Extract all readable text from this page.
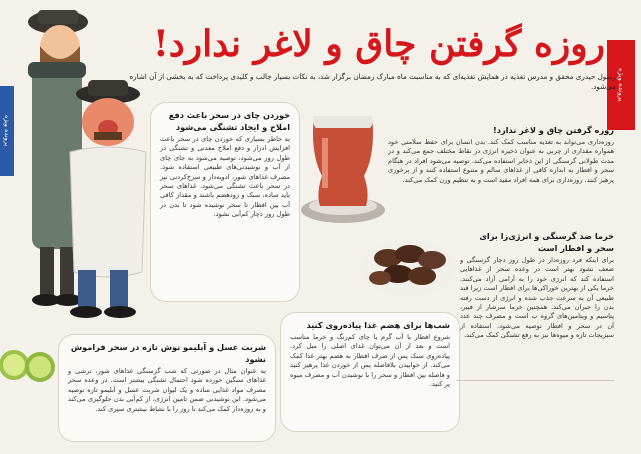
پرونده ویژه
پرونده ویژه
روزه گرفتن چاق و لاغر ندارد!
رسول حیدری محقق و مدرس تغذیه در همایش تغذیه‌ای که به مناسبت ماه مبارک رمضان برگزار شد، به نکات بسیار جالب و کلیدی پرداخت که به بخشی از آن اشاره می‌شود.
روزه گرفتن چاق و لاغر ندارد!
روزه‌داری می‌تواند به تغذیه مناسب کمک کند. بدن انسان برای حفظ سلامتی خود همواره مقداری از چربی به عنوان ذخیره انرژی در نقاط مختلف جمع می‌کند و در مدت طولانی گرسنگی از این ذخایر استفاده می‌کند. توصیه می‌شود افراد در هنگام سحر و افطار به اندازه کافی از غذاهای سالم و متنوع استفاده کنند و از پرخوری پرهیز کنند. روزه‌داری برای همه افراد مفید است و به تنظیم وزن کمک می‌کند.
خرما ضد گرسنگی و انرژی‌زا برای سحر و افطار است
برای اینکه فرد روزه‌دار در طول روز دچار گرسنگی و ضعف نشود بهتر است در وعده سحر از غذاهایی استفاده کند که انرژی خود را به آرامی آزاد می‌کنند. خرما یکی از بهترین خوراکی‌ها برای افطار است زیرا قند طبیعی آن به سرعت جذب شده و انرژی از دست رفته بدن را جبران می‌کند. همچنین خرما سرشار از فیبر، پتاسیم و ویتامین‌های گروه ب است و مصرف چند عدد آن در سحر و افطار توصیه می‌شود. استفاده از سبزیجات تازه و میوه‌ها نیز به رفع تشنگی کمک می‌کند.
خوردن چای در سحر باعث دفع املاح و ایجاد تشنگی می‌شود
به خاطر بسیاری که خوردن چای در سحر باعث افزایش ادرار و دفع املاح معدنی و تشنگی در طول روز می‌شود، توصیه می‌شود به جای چای از آب و نوشیدنی‌های طبیعی استفاده شود. مصرف غذاهای شور، ادویه‌دار و سرخ‌کردنی نیز در سحر باعث تشنگی می‌شود. غذاهای سحر باید ساده، سبک و زودهضم باشند و مقدار کافی آب بین افطار تا سحر نوشیده شود تا بدن در طول روز دچار کم‌آبی نشود.
شب‌ها برای هضم غذا پیاده‌روی کنید
شروع افطار با آب گرم یا چای کم‌رنگ و خرما مناسب است و بعد از آن می‌توان غذای اصلی را میل کرد. پیاده‌روی سبک پس از صرف افطار به هضم بهتر غذا کمک می‌کند. از خوابیدن بلافاصله پس از خوردن غذا پرهیز کنید و فاصله بین افطار و سحر را با نوشیدن آب و مصرف میوه پر کنید.
شربت عسل و آبلیمو نوش تازه در سحر فراموش نشود
به عنوان مثال در صورتی که شب گرسنگی غذاهای شور، ترشی و غذاهای سنگین خورده شود احتمال تشنگی بیشتر است. در وعده سحر مصرف مواد غذایی ساده و یک لیوان شربت عسل و آبلیمو تازه توصیه می‌شود. این نوشیدنی ضمن تامین انرژی، از کم‌آبی بدن جلوگیری می‌کند و به روزه‌دار کمک می‌کند تا روز را با نشاط بیشتری سپری کند.
